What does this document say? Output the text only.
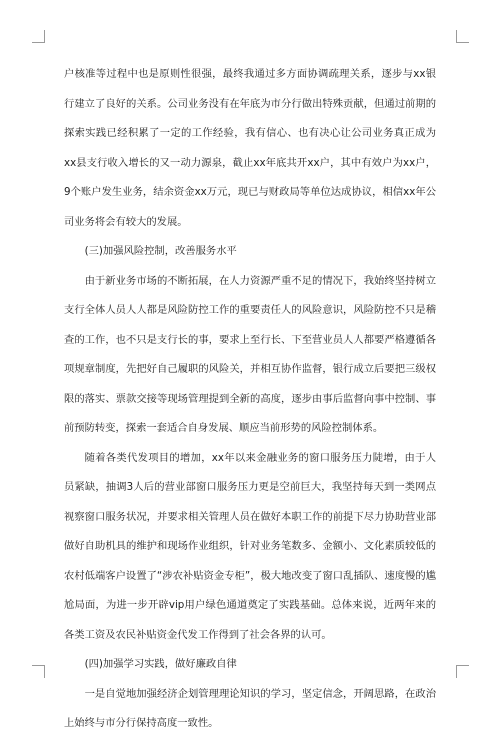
户核准等过程中也是原则性很强，最终我通过多方面协调疏理关系，逐步与xx银行建立了良好的关系。公司业务没有在年底为市分行做出特殊贡献，但通过前期的探索实践已经积累了一定的工作经验，我有信心、也有决心让公司业务真正成为xx县支行收入增长的又一动力源泉，截止xx年底共开xx户，其中有效户为xx户，9个账户发生业务，结余资金xx万元，现已与财政局等单位达成协议，相信xx年公司业务将会有较大的发展。

(三)加强风险控制，改善服务水平

由于新业务市场的不断拓展，在人力资源严重不足的情况下，我始终坚持树立支行全体人员人人都是风险防控工作的重要责任人的风险意识，风险防控不只是稽查的工作，也不只是支行长的事，要求上至行长、下至营业员人人都要严格遵循各项规章制度，先把好自己履职的风险关，并相互协作监督，银行成立后要把三级权限的落实、票款交接等现场管理提到全新的高度，逐步由事后监督向事中控制、事前预防转变，探索一套适合自身发展、顺应当前形势的风险控制体系。

随着各类代发项目的增加，xx年以来金融业务的窗口服务压力陡增，由于人员紧缺，抽调3人后的营业部窗口服务压力更是空前巨大，我坚持每天到一类网点视察窗口服务状况，并要求相关管理人员在做好本职工作的前提下尽力协助营业部做好自助机具的维护和现场作业组织，针对业务笔数多、金额小、文化素质较低的农村低端客户设置了“涉农补贴资金专柜”，极大地改变了窗口乱插队、速度慢的尴尬局面，为进一步开辟vip用户绿色通道奠定了实践基础。总体来说，近两年来的各类工资及农民补贴资金代发工作得到了社会各界的认可。

(四)加强学习实践，做好廉政自律

一是自觉地加强经济企划管理理论知识的学习，坚定信念，开阔思路，在政治上始终与市分行保持高度一致性。
